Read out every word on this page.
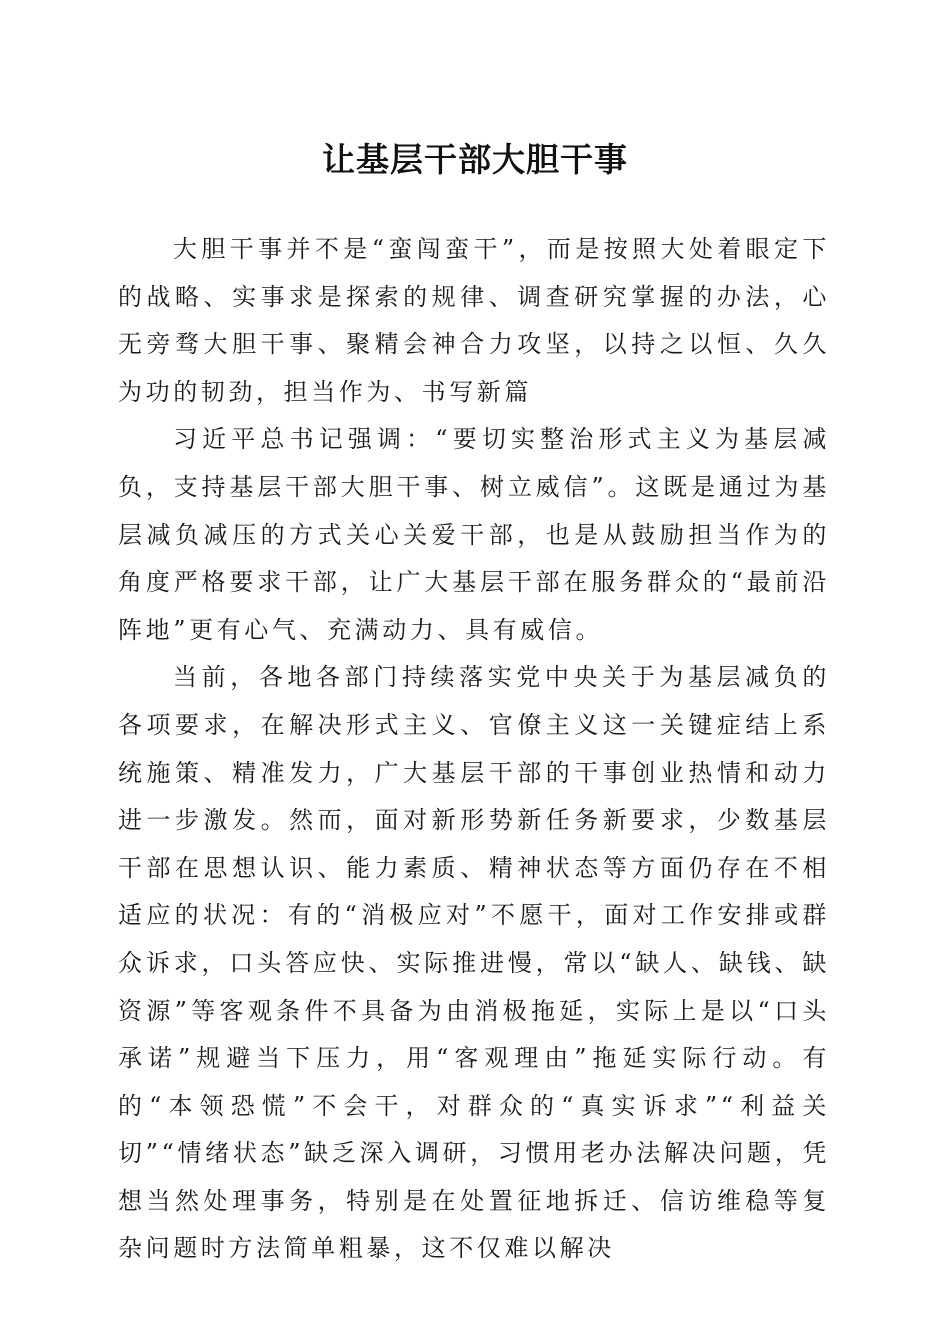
让基层干部大胆干事

大胆干事并不是“蛮闯蛮干”，而是按照大处着眼定下的战略、实事求是探索的规律、调查研究掌握的办法，心无旁骛大胆干事、聚精会神合力攻坚，以持之以恒、久久为功的韧劲，担当作为、书写新篇

习近平总书记强调：“要切实整治形式主义为基层减负，支持基层干部大胆干事、树立威信”。这既是通过为基层减负减压的方式关心关爱干部，也是从鼓励担当作为的角度严格要求干部，让广大基层干部在服务群众的“最前沿阵地”更有心气、充满动力、具有威信。

当前，各地各部门持续落实党中央关于为基层减负的各项要求，在解决形式主义、官僚主义这一关键症结上系统施策、精准发力，广大基层干部的干事创业热情和动力进一步激发。然而，面对新形势新任务新要求，少数基层干部在思想认识、能力素质、精神状态等方面仍存在不相适应的状况：有的“消极应对”不愿干，面对工作安排或群众诉求，口头答应快、实际推进慢，常以“缺人、缺钱、缺资源”等客观条件不具备为由消极拖延，实际上是以“口头承诺”规避当下压力，用“客观理由”拖延实际行动。有的“本领恐慌”不会干，对群众的“真实诉求”“利益关切”“情绪状态”缺乏深入调研，习惯用老办法解决问题，凭想当然处理事务，特别是在处置征地拆迁、信访维稳等复杂问题时方法简单粗暴，这不仅难以解决
